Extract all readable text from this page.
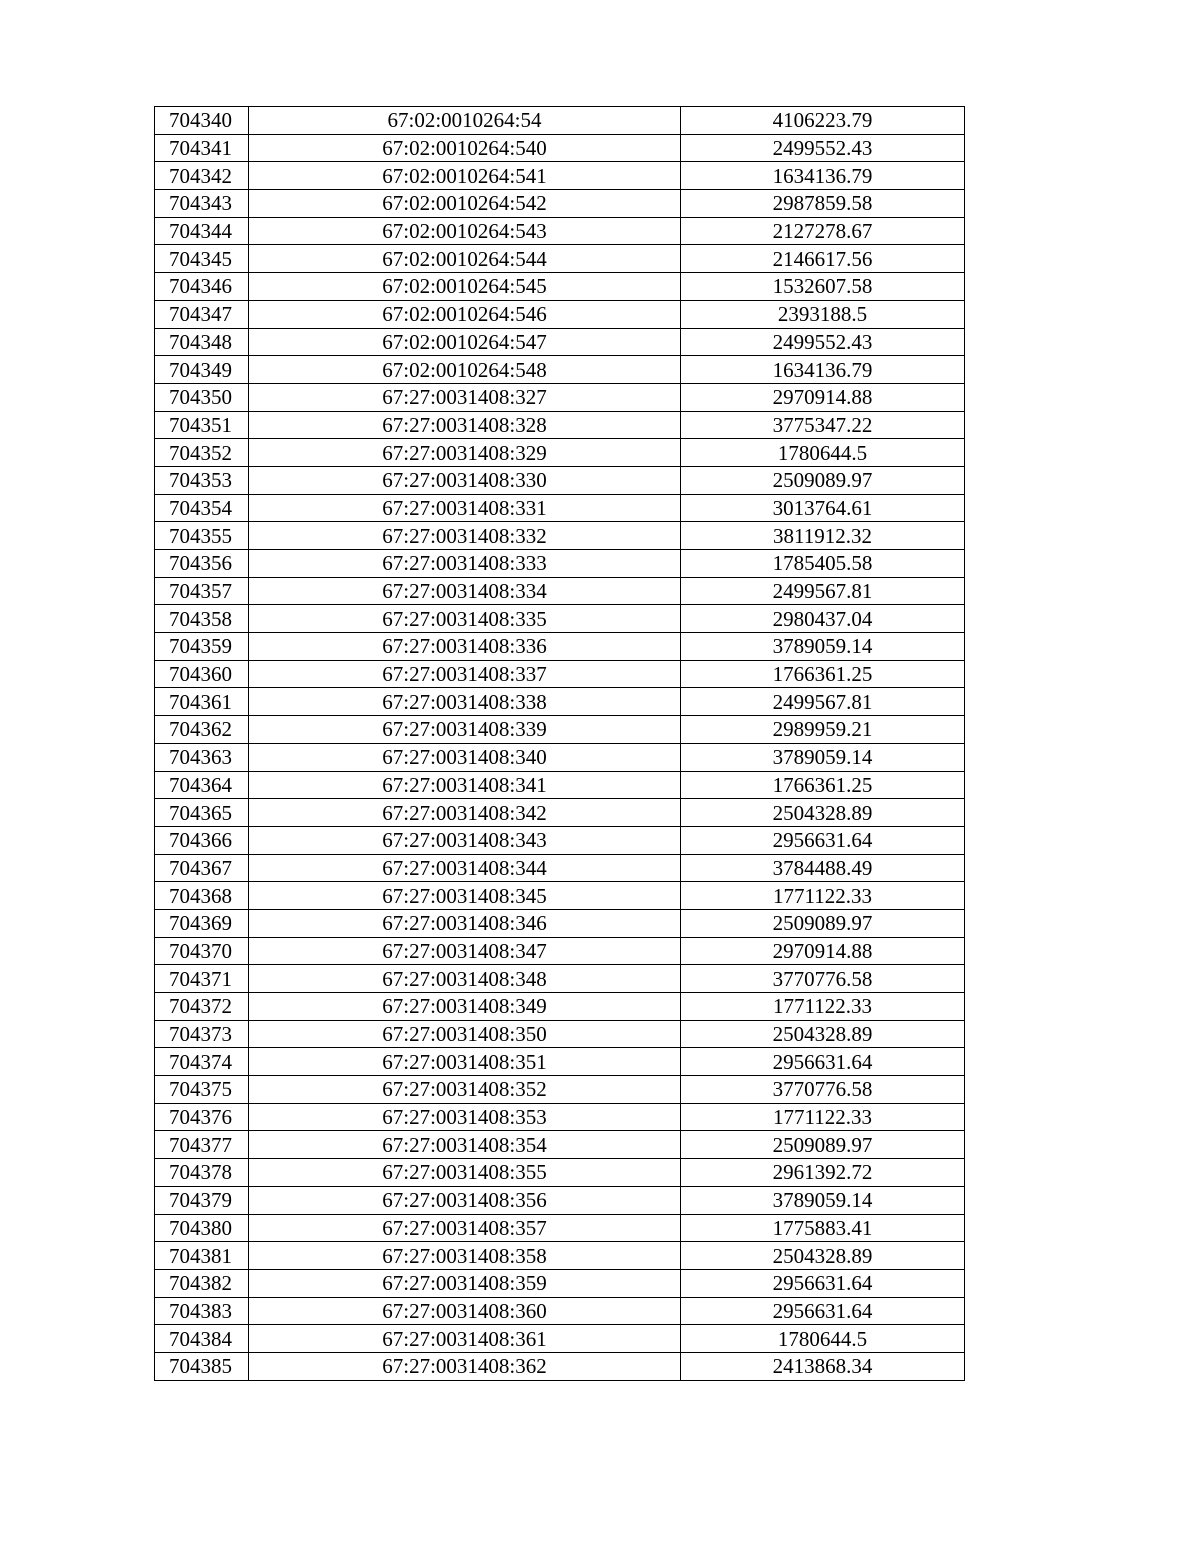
704340	67:02:0010264:54	4106223.79
704341	67:02:0010264:540	2499552.43
704342	67:02:0010264:541	1634136.79
704343	67:02:0010264:542	2987859.58
704344	67:02:0010264:543	2127278.67
704345	67:02:0010264:544	2146617.56
704346	67:02:0010264:545	1532607.58
704347	67:02:0010264:546	2393188.5
704348	67:02:0010264:547	2499552.43
704349	67:02:0010264:548	1634136.79
704350	67:27:0031408:327	2970914.88
704351	67:27:0031408:328	3775347.22
704352	67:27:0031408:329	1780644.5
704353	67:27:0031408:330	2509089.97
704354	67:27:0031408:331	3013764.61
704355	67:27:0031408:332	3811912.32
704356	67:27:0031408:333	1785405.58
704357	67:27:0031408:334	2499567.81
704358	67:27:0031408:335	2980437.04
704359	67:27:0031408:336	3789059.14
704360	67:27:0031408:337	1766361.25
704361	67:27:0031408:338	2499567.81
704362	67:27:0031408:339	2989959.21
704363	67:27:0031408:340	3789059.14
704364	67:27:0031408:341	1766361.25
704365	67:27:0031408:342	2504328.89
704366	67:27:0031408:343	2956631.64
704367	67:27:0031408:344	3784488.49
704368	67:27:0031408:345	1771122.33
704369	67:27:0031408:346	2509089.97
704370	67:27:0031408:347	2970914.88
704371	67:27:0031408:348	3770776.58
704372	67:27:0031408:349	1771122.33
704373	67:27:0031408:350	2504328.89
704374	67:27:0031408:351	2956631.64
704375	67:27:0031408:352	3770776.58
704376	67:27:0031408:353	1771122.33
704377	67:27:0031408:354	2509089.97
704378	67:27:0031408:355	2961392.72
704379	67:27:0031408:356	3789059.14
704380	67:27:0031408:357	1775883.41
704381	67:27:0031408:358	2504328.89
704382	67:27:0031408:359	2956631.64
704383	67:27:0031408:360	2956631.64
704384	67:27:0031408:361	1780644.5
704385	67:27:0031408:362	2413868.34
